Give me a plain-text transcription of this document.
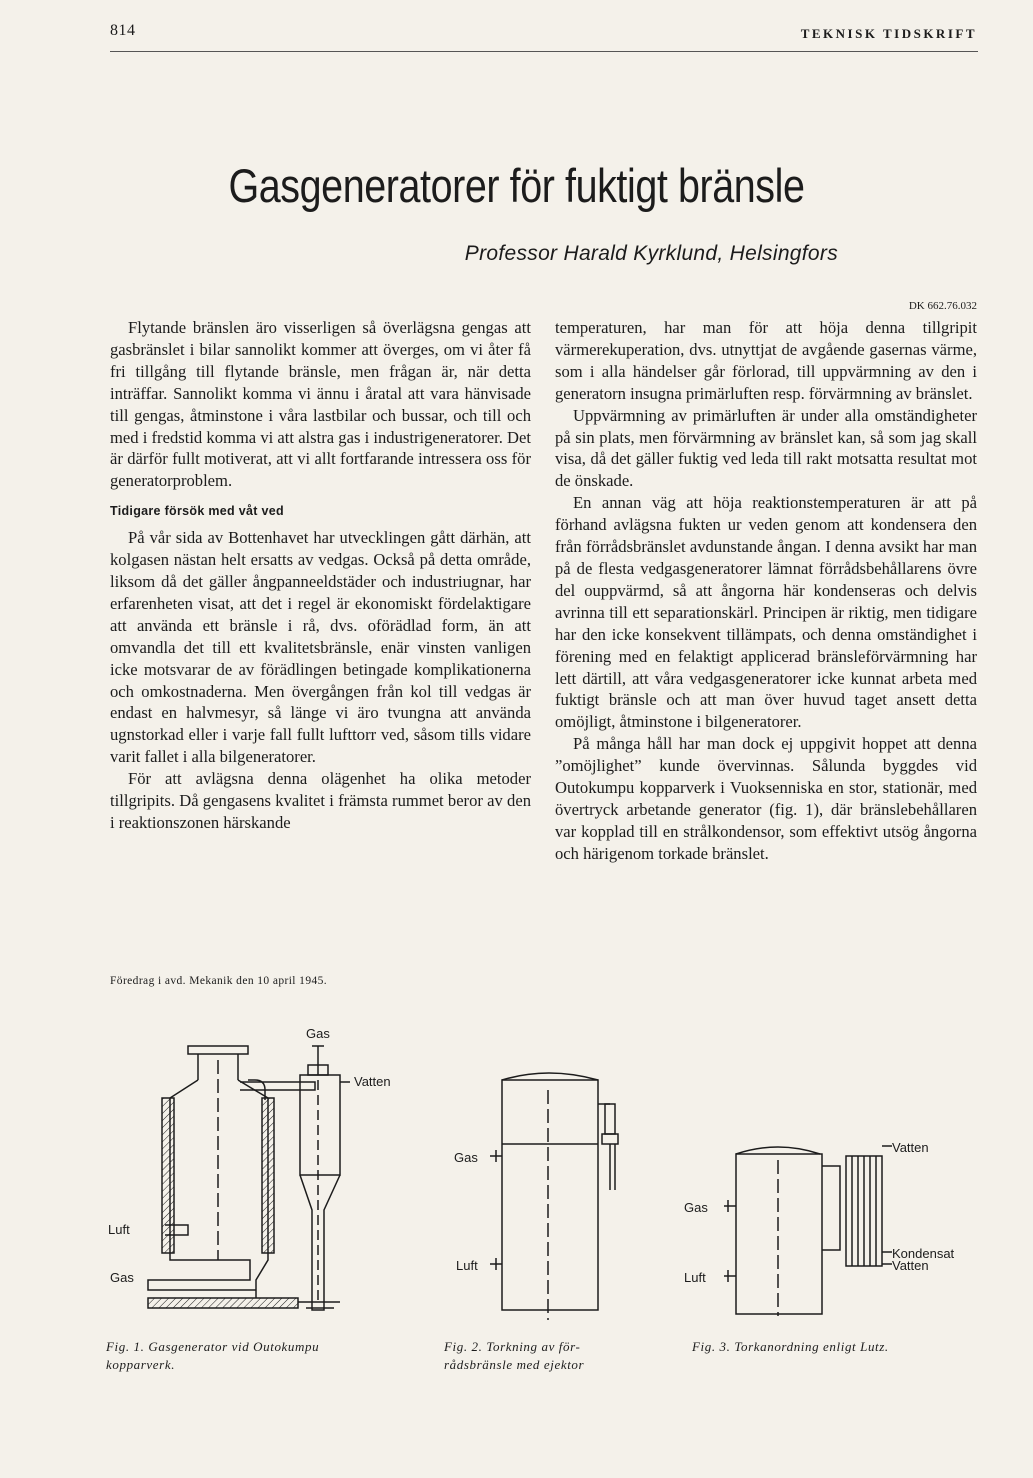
814	TEKNISK TIDSKRIFT
Gasgeneratorer för fuktigt bränsle
Professor Harald Kyrklund, Helsingfors
DK 662.76.032

Flytande bränslen äro visserligen så överlägsna gengas att gasbränslet i bilar sannolikt kommer att överges, om vi åter få fri tillgång till flytande bränsle, men frågan är, när detta inträffar. Sannolikt komma vi ännu i åratal att vara hänvisade till gengas, åtminstone i våra lastbilar och bussar, och till och med i fredstid komma vi att alstra gas i industrigeneratorer. Det är därför fullt motiverat, att vi allt fortfarande intressera oss för generatorproblem.

Tidigare försök med våt ved

På vår sida av Bottenhavet har utvecklingen gått därhän, att kolgasen nästan helt ersatts av vedgas. Också på detta område, liksom då det gäller ångpanneeldstäder och industriugnar, har erfarenheten visat, att det i regel är ekonomiskt fördelaktigare att använda ett bränsle i rå, dvs. oförädlad form, än att omvandla det till ett kvalitetsbränsle, enär vinsten vanligen icke motsvarar de av förädlingen betingade komplikationerna och omkostnaderna. Men övergången från kol till vedgas är endast en halvmesyr, så länge vi äro tvungna att använda ugnstorkad eller i varje fall fullt lufttorr ved, såsom tills vidare varit fallet i alla bilgeneratorer.

För att avlägsna denna olägenhet ha olika metoder tillgripits. Då gengasens kvalitet i främsta rummet beror av den i reaktionszonen härskande

temperaturen, har man för att höja denna tillgripit värmerekuperation, dvs. utnyttjat de avgående gasernas värme, som i alla händelser går förlorad, till uppvärmning av den i generatorn insugna primärluften resp. förvärmning av bränslet.

Uppvärmning av primärluften är under alla omständigheter på sin plats, men förvärmning av bränslet kan, så som jag skall visa, då det gäller fuktig ved leda till rakt motsatta resultat mot de önskade.

En annan väg att höja reaktionstemperaturen är att på förhand avlägsna fukten ur veden genom att kondensera den från förrådsbränslet avdunstande ångan. I denna avsikt har man på de flesta vedgasgeneratorer lämnat förrådsbehållarens övre del ouppvärmd, så att ångorna här kondenseras och delvis avrinna till ett separationskärl. Principen är riktig, men tidigare har den icke konsekvent tillämpats, och denna omständighet i förening med en felaktigt applicerad bränsleförvärmning har lett därtill, att våra vedgasgeneratorer icke kunnat arbeta med fuktigt bränsle och att man över huvud taget ansett detta omöjligt, åtminstone i bilgeneratorer.

På många håll har man dock ej uppgivit hoppet att denna ”omöjlighet” kunde övervinnas. Sålunda byggdes vid Outokumpu kopparverk i Vuoksenniska en stor, stationär, med övertryck arbetande generator (fig. 1), där bränslebehållaren var kopplad till en strålkondensor, som effektivt utsög ångorna och härigenom torkade bränslet.

Föredrag i avd. Mekanik den 10 april 1945.
Gas
Vatten
Luft
Gas
Gas
Luft
Vatten
Gas
Kondensat
Vatten
Luft
Fig. 1. Gasgenerator vid Outokumpu
kopparverk.
Fig. 2. Torkning av för-
rådsbränsle med ejektor
Fig. 3. Torkanordning enligt Lutz.
